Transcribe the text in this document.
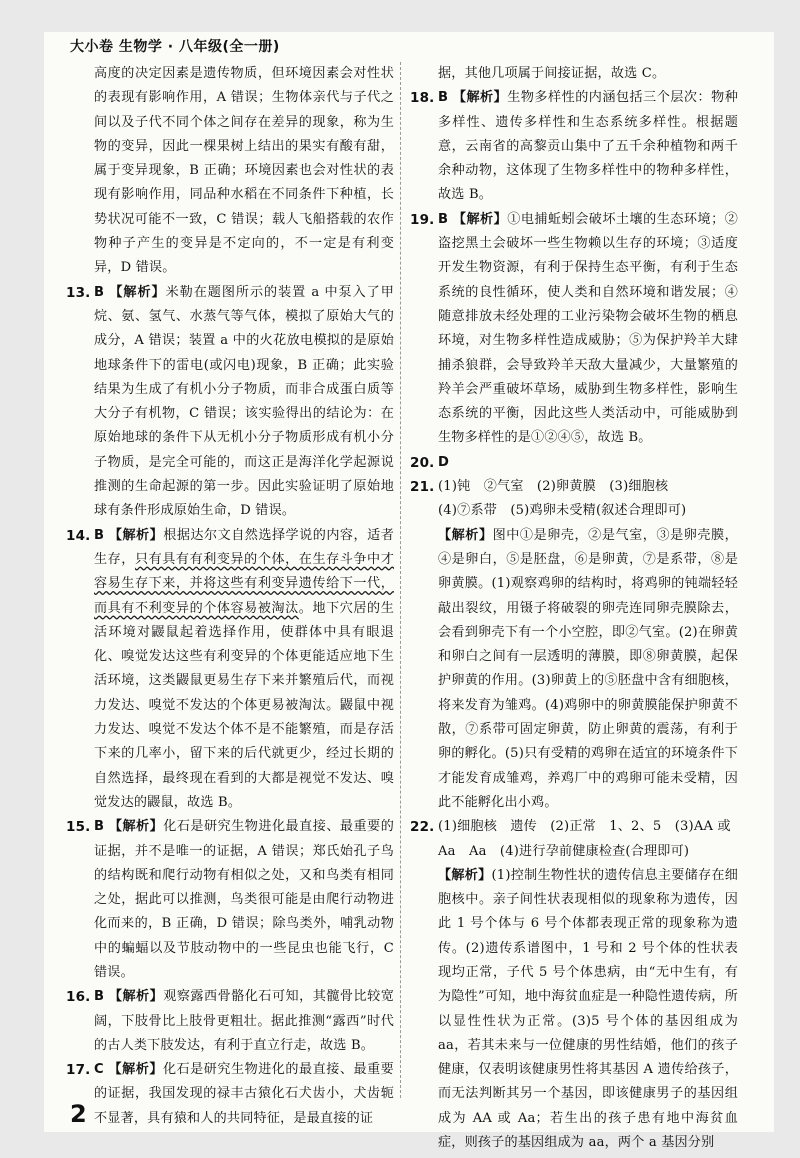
大小卷 生物学 · 八年级(全一册)

高度的决定因素是遗传物质，但环境因素会对性状的表现有影响作用，A 错误；生物体亲代与子代之间以及子代不同个体之间存在差异的现象，称为生物的变异，因此一棵果树上结出的果实有酸有甜，属于变异现象，B 正确；环境因素也会对性状的表现有影响作用，同品种水稻在不同条件下种植，长势状况可能不一致，C 错误；载人飞船搭载的农作物种子产生的变异是不定向的，不一定是有利变异，D 错误。

13. B 【解析】米勒在题图所示的装置 a 中泵入了甲烷、氨、氢气、水蒸气等气体，模拟了原始大气的成分，A 错误；装置 a 中的火花放电模拟的是原始地球条件下的雷电(或闪电)现象，B 正确；此实验结果为生成了有机小分子物质，而非合成蛋白质等大分子有机物，C 错误；该实验得出的结论为：在原始地球的条件下从无机小分子物质形成有机小分子物质，是完全可能的，而这正是海洋化学起源说推测的生命起源的第一步。因此实验证明了原始地球有条件形成原始生命，D 错误。

14. B 【解析】根据达尔文自然选择学说的内容，适者生存，只有具有有利变异的个体，在生存斗争中才容易生存下来，并将这些有利变异遗传给下一代，而具有不利变异的个体容易被淘汰。地下穴居的生活环境对鼹鼠起着选择作用，使群体中具有眼退化、嗅觉发达这些有利变异的个体更能适应地下生活环境，这类鼹鼠更易生存下来并繁殖后代，而视力发达、嗅觉不发达的个体更易被淘汰。鼹鼠中视力发达、嗅觉不发达个体不是不能繁殖，而是存活下来的几率小，留下来的后代就更少，经过长期的自然选择，最终现在看到的大都是视觉不发达、嗅觉发达的鼹鼠，故选 B。

15. B 【解析】化石是研究生物进化最直接、最重要的证据，并不是唯一的证据，A 错误；郑氏始孔子鸟的结构既和爬行动物有相似之处，又和鸟类有相同之处，据此可以推测，鸟类很可能是由爬行动物进化而来的，B 正确，D 错误；除鸟类外，哺乳动物中的蝙蝠以及节肢动物中的一些昆虫也能飞行，C 错误。

16. B 【解析】观察露西骨骼化石可知，其髋骨比较宽阔，下肢骨比上肢骨更粗壮。据此推测“露西”时代的古人类下肢发达，有利于直立行走，故选 B。

17. C 【解析】化石是研究生物进化的最直接、最重要的证据，我国发现的禄丰古猿化石犬齿小，犬齿轭不显著，具有猿和人的共同特征，是最直接的证

据，其他几项属于间接证据，故选 C。

18. B 【解析】生物多样性的内涵包括三个层次：物种多样性、遗传多样性和生态系统多样性。根据题意，云南省的高黎贡山集中了五千余种植物和两千余种动物，这体现了生物多样性中的物种多样性，故选 B。

19. B 【解析】①电捕蚯蚓会破坏土壤的生态环境；②盗挖黑土会破坏一些生物赖以生存的环境；③适度开发生物资源，有利于保持生态平衡，有利于生态系统的良性循环，使人类和自然环境和谐发展；④随意排放未经处理的工业污染物会破坏生物的栖息环境，对生物多样性造成威胁；⑤为保护羚羊大肆捕杀狼群，会导致羚羊天敌大量减少，大量繁殖的羚羊会严重破坏草场，威胁到生物多样性，影响生态系统的平衡，因此这些人类活动中，可能威胁到生物多样性的是①②④⑤，故选 B。

20. D

21. (1)钝　②气室　(2)卵黄膜　(3)细胞核

(4)⑦系带　(5)鸡卵未受精(叙述合理即可)

【解析】图中①是卵壳，②是气室，③是卵壳膜，④是卵白，⑤是胚盘，⑥是卵黄，⑦是系带，⑧是卵黄膜。(1)观察鸡卵的结构时，将鸡卵的钝端轻轻敲出裂纹，用镊子将破裂的卵壳连同卵壳膜除去，会看到卵壳下有一个小空腔，即②气室。(2)在卵黄和卵白之间有一层透明的薄膜，即⑧卵黄膜，起保护卵黄的作用。(3)卵黄上的⑤胚盘中含有细胞核，将来发育为雏鸡。(4)鸡卵中的卵黄膜能保护卵黄不散，⑦系带可固定卵黄，防止卵黄的震荡，有利于卵的孵化。(5)只有受精的鸡卵在适宜的环境条件下才能发育成雏鸡，养鸡厂中的鸡卵可能未受精，因此不能孵化出小鸡。

22. (1)细胞核　遗传　(2)正常　1、2、5　(3)AA 或

Aa　Aa　(4)进行孕前健康检查(合理即可)

【解析】(1)控制生物性状的遗传信息主要储存在细胞核中。亲子间性状表现相似的现象称为遗传，因此 1 号个体与 6 号个体都表现正常的现象称为遗传。(2)遗传系谱图中，1 号和 2 号个体的性状表现均正常，子代 5 号个体患病，由“无中生有，有为隐性”可知，地中海贫血症是一种隐性遗传病，所以显性性状为正常。(3)5 号个体的基因组成为 aa，若其未来与一位健康的男性结婚，他们的孩子健康，仅表明该健康男性将其基因 A 遗传给孩子，而无法判断其另一个基因，即该健康男子的基因组成为 AA 或 Aa；若生出的孩子患有地中海贫血症，则孩子的基因组成为 aa，两个 a 基因分别

2
